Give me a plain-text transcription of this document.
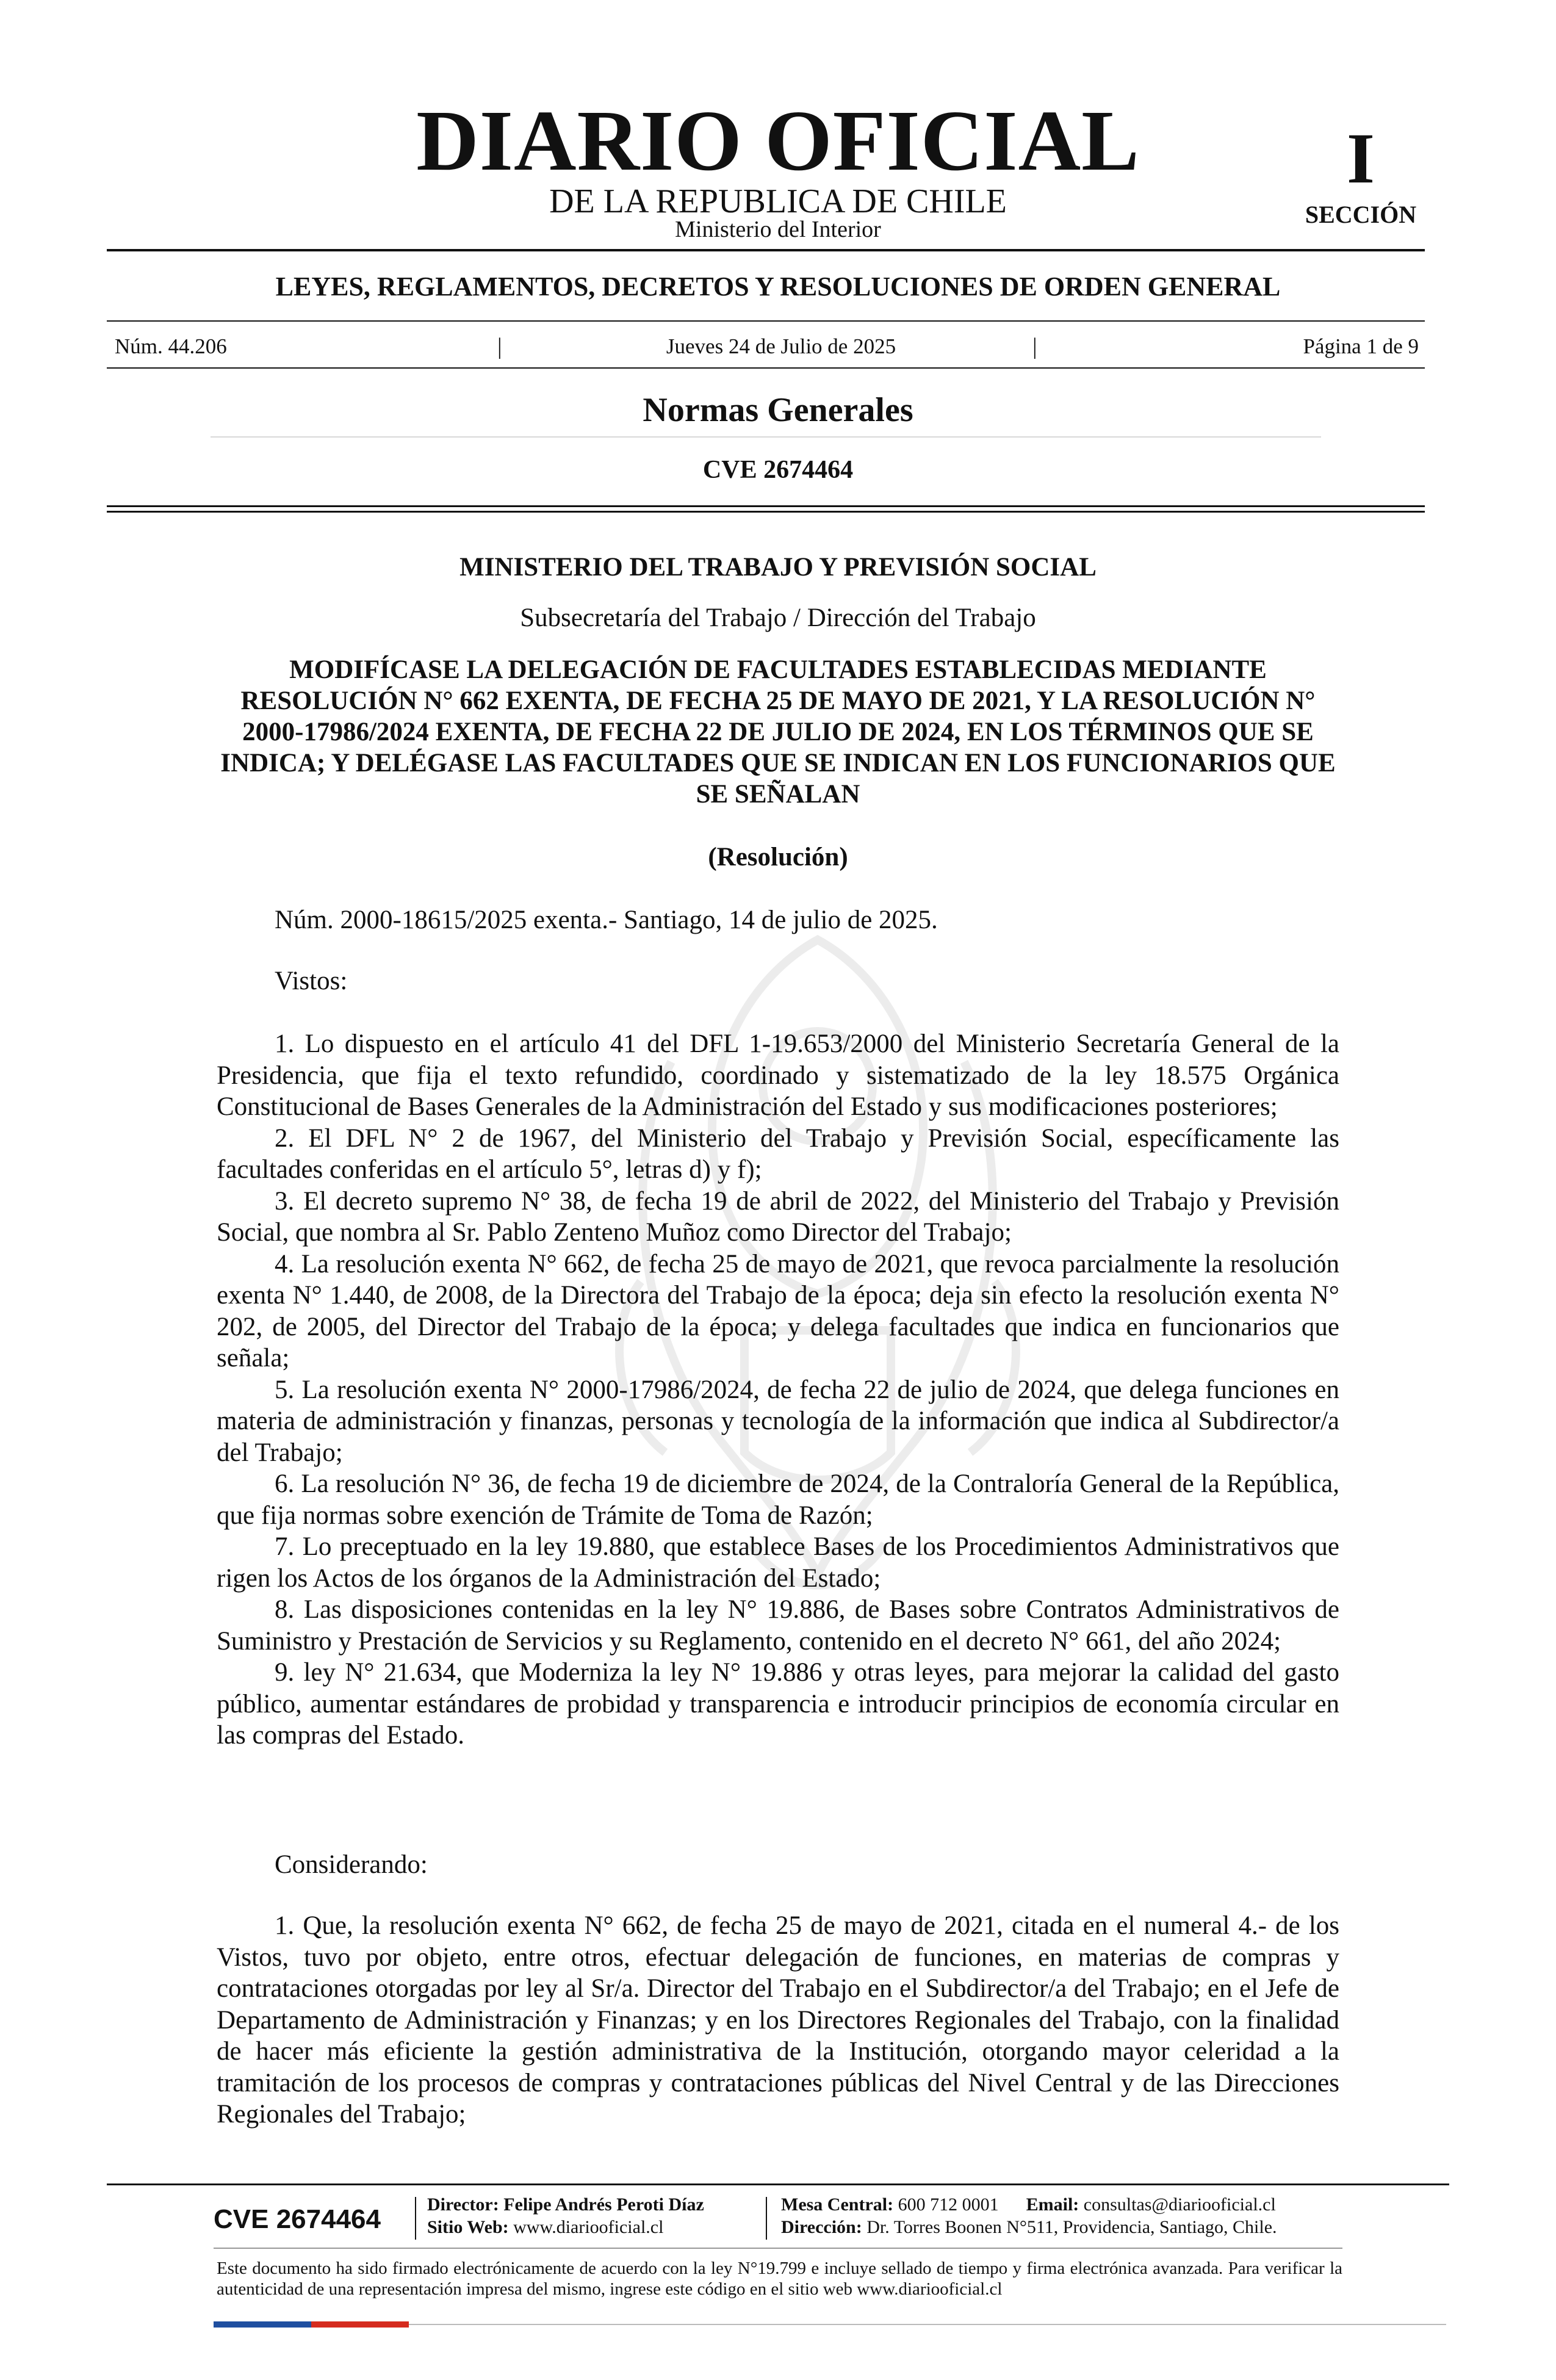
DIARIO OFICIAL
DE LA REPUBLICA DE CHILE
Ministerio del Interior
I
SECCIÓN
LEYES, REGLAMENTOS, DECRETOS Y RESOLUCIONES DE ORDEN GENERAL
Núm. 44.206	|	Jueves 24 de Julio de 2025	|	Página 1 de 9
Normas Generales
CVE 2674464
MINISTERIO DEL TRABAJO Y PREVISIÓN SOCIAL
Subsecretaría del Trabajo / Dirección del Trabajo
MODIFÍCASE LA DELEGACIÓN DE FACULTADES ESTABLECIDAS MEDIANTE RESOLUCIÓN N° 662 EXENTA, DE FECHA 25 DE MAYO DE 2021, Y LA RESOLUCIÓN N° 2000-17986/2024 EXENTA, DE FECHA 22 DE JULIO DE 2024, EN LOS TÉRMINOS QUE SE INDICA; Y DELÉGASE LAS FACULTADES QUE SE INDICAN EN LOS FUNCIONARIOS QUE SE SEÑALAN
(Resolución)

Núm. 2000-18615/2025 exenta.- Santiago, 14 de julio de 2025.

Vistos:

1. Lo dispuesto en el artículo 41 del DFL 1-19.653/2000 del Ministerio Secretaría General de la Presidencia, que fija el texto refundido, coordinado y sistematizado de la ley 18.575 Orgánica Constitucional de Bases Generales de la Administración del Estado y sus modificaciones posteriores;

2. El DFL N° 2 de 1967, del Ministerio del Trabajo y Previsión Social, específicamente las facultades conferidas en el artículo 5°, letras d) y f);

3. El decreto supremo N° 38, de fecha 19 de abril de 2022, del Ministerio del Trabajo y Previsión Social, que nombra al Sr. Pablo Zenteno Muñoz como Director del Trabajo;

4. La resolución exenta N° 662, de fecha 25 de mayo de 2021, que revoca parcialmente la resolución exenta N° 1.440, de 2008, de la Directora del Trabajo de la época; deja sin efecto la resolución exenta N° 202, de 2005, del Director del Trabajo de la época; y delega facultades que indica en funcionarios que señala;

5. La resolución exenta N° 2000-17986/2024, de fecha 22 de julio de 2024, que delega funciones en materia de administración y finanzas, personas y tecnología de la información que indica al Subdirector/a del Trabajo;

6. La resolución N° 36, de fecha 19 de diciembre de 2024, de la Contraloría General de la República, que fija normas sobre exención de Trámite de Toma de Razón;

7. Lo preceptuado en la ley 19.880, que establece Bases de los Procedimientos Administrativos que rigen los Actos de los órganos de la Administración del Estado;

8. Las disposiciones contenidas en la ley N° 19.886, de Bases sobre Contratos Administrativos de Suministro y Prestación de Servicios y su Reglamento, contenido en el decreto N° 661, del año 2024;

9. ley N° 21.634, que Moderniza la ley N° 19.886 y otras leyes, para mejorar la calidad del gasto público, aumentar estándares de probidad y transparencia e introducir principios de economía circular en las compras del Estado.

Considerando:

1. Que, la resolución exenta N° 662, de fecha 25 de mayo de 2021, citada en el numeral 4.- de los Vistos, tuvo por objeto, entre otros, efectuar delegación de funciones, en materias de compras y contrataciones otorgadas por ley al Sr/a. Director del Trabajo en el Subdirector/a del Trabajo; en el Jefe de Departamento de Administración y Finanzas; y en los Directores Regionales del Trabajo, con la finalidad de hacer más eficiente la gestión administrativa de la Institución, otorgando mayor celeridad a la tramitación de los procesos de compras y contrataciones públicas del Nivel Central y de las Direcciones Regionales del Trabajo;

CVE 2674464	Director: Felipe Andrés Peroti Díaz
Sitio Web: www.diariooficial.cl
Mesa Central: 600 712 0001 Email: consultas@diariooficial.cl
Dirección: Dr. Torres Boonen N°511, Providencia, Santiago, Chile.
Este documento ha sido firmado electrónicamente de acuerdo con la ley N°19.799 e incluye sellado de tiempo y firma electrónica avanzada. Para verificar la autenticidad de una representación impresa del mismo, ingrese este código en el sitio web www.diariooficial.cl
